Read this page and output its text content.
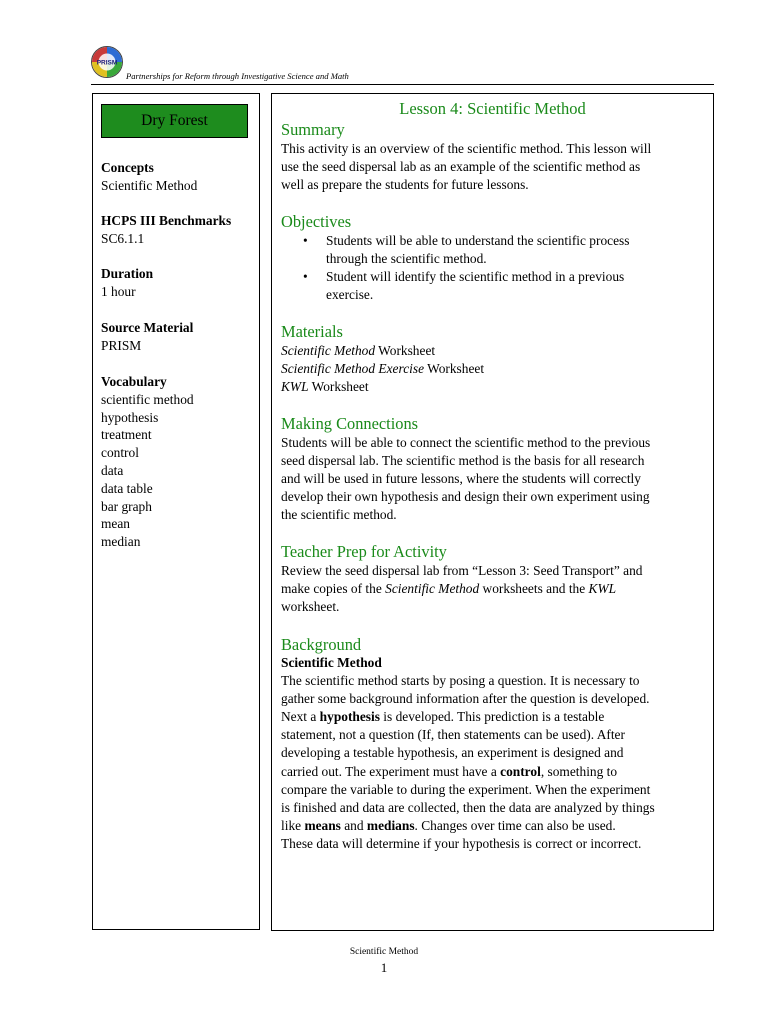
PRISM
Partnerships for Reform through Investigative Science and Math
Dry Forest
Concepts
Scientific Method
HCPS III Benchmarks
SC6.1.1
Duration
1 hour
Source Material
PRISM
Vocabulary
scientific method
hypothesis
treatment
control
data
data table
bar graph
mean
median
Lesson 4: Scientific Method
Summary
This activity is an overview of the scientific method. This lesson will
use the seed dispersal lab as an example of the scientific method as
well as prepare the students for future lessons.
Objectives
• Students will be able to understand the scientific process
through the scientific method.
• Student will identify the scientific method in a previous
exercise.
Materials
Scientific Method Worksheet
Scientific Method Exercise Worksheet
KWL Worksheet
Making Connections
Students will be able to connect the scientific method to the previous
seed dispersal lab. The scientific method is the basis for all research
and will be used in future lessons, where the students will correctly
develop their own hypothesis and design their own experiment using
the scientific method.
Teacher Prep for Activity
Review the seed dispersal lab from “Lesson 3: Seed Transport” and
make copies of the Scientific Method worksheets and the KWL
worksheet.
Background
Scientific Method
The scientific method starts by posing a question. It is necessary to
gather some background information after the question is developed.
Next a hypothesis is developed. This prediction is a testable
statement, not a question (If, then statements can be used). After
developing a testable hypothesis, an experiment is designed and
carried out. The experiment must have a control, something to
compare the variable to during the experiment. When the experiment
is finished and data are collected, then the data are analyzed by things
like means and medians. Changes over time can also be used.
These data will determine if your hypothesis is correct or incorrect.
Scientific Method
1
